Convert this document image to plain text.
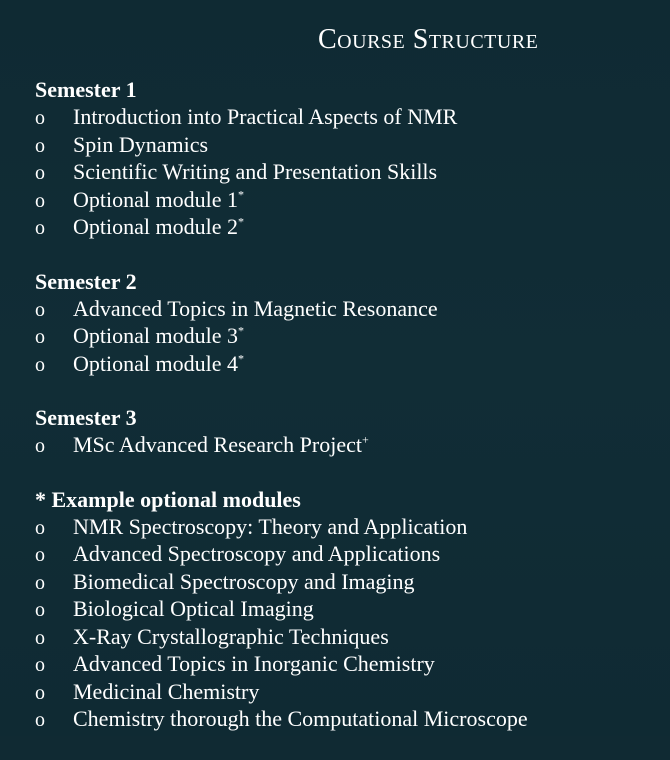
Course Structure
Semester 1
o	Introduction into Practical Aspects of NMR
o	Spin Dynamics
o	Scientific Writing and Presentation Skills
o	Optional module 1*
o	Optional module 2*
Semester 2
o	Advanced Topics in Magnetic Resonance
o	Optional module 3*
o	Optional module 4*
Semester 3
o	MSc Advanced Research Project+
* Example optional modules
o	NMR Spectroscopy: Theory and Application
o	Advanced Spectroscopy and Applications
o	Biomedical Spectroscopy and Imaging
o	Biological Optical Imaging
o	X-Ray Crystallographic Techniques
o	Advanced Topics in Inorganic Chemistry
o	Medicinal Chemistry
o	Chemistry thorough the Computational Microscope
